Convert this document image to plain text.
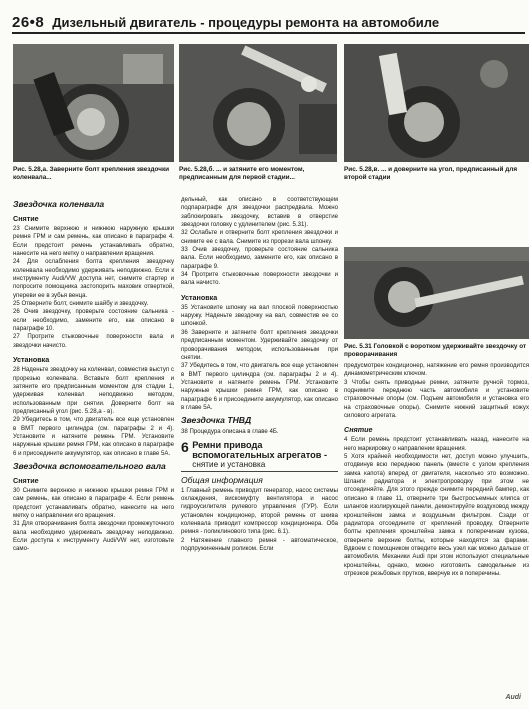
26•8 Дизельный двигатель - процедуры ремонта на автомобиле
Рис. 5.28,а. Заверните болт крепления звездочки коленвала...
Рис. 5.28,б. ... и затяните его моментом, предписанным для первой стадии...
Рис. 5.28,в. ... и доверните на угол, предписанный для второй стадии
Рис. 5.31 Головкой с воротком удерживайте звездочку от проворачивания
Звездочка коленвала
Снятие

23 Снимите верхнюю и нижнюю наружную крышки ремня ГРМ и сам ремень, как описано в параграфе 4. Если предстоит ремень устанавливать обратно, нанесите на него метку о направлении вращения.

24 Для ослабления болта крепления звездочку коленвала необходимо удерживать неподвижно. Если к инструменту Audi/VW доступа нет, снимите стартер и попросите помощника застопорить маховик отверткой, упереви ее в зубья венца.

25 Отверните болт, снимите шайбу и звездочку.

26 Очив звездочку, проверьте состояние сальника - если необходимо, замените его, как описано в параграфе 10.

27 Протрите стыковочные поверхности вала и звездочки начисто.

Установка

28 Наденьте звездочку на коленвал, совместив выступ с прорезью коленвала. Вставьте болт крепления и затяните его предписанным моментом для стадии 1, удерживая коленвал неподвижно методом, использованным при снятии. Доверните болт на предписанный угол (рис. 5.28,а - в).

29 Убедитесь в том, что двигатель все еще установлен в ВМТ первого цилиндра (см. параграфы 2 и 4). Установите и натяните ремень ГРМ. Установите наружные крышки ремня ГРМ, как описано в параграфе 6 и присоедините аккумулятор, как описано в главе 5А.

Звездочка вспомогательного вала
Снятие

30 Снимите верхнюю и нижнюю крышки ремня ГРМ и сам ремень, как описано в параграфе 4. Если ремень предстоит устанавливать обратно, нанесите на него метку о направлении его вращения.

31 Для отворачивания болта звездочки промежуточного вала необходимо удерживать звездочку неподвижно. Если доступа к инструменту Audi/VW нет, изготовьте само-

дельный, как описано в соответствующем подпараграфе для звездочки распредвала. Можно заблокировать звездочку, вставив в отверстие звездочки головку с удлинителем (рис. 5.31).

32 Ослабьте и отверните болт крепления звездочки и снимите ее с вала. Снимите из прорези вала шпонку.

33 Очив звездочку, проверьте состояние сальника вала. Если необходимо, замените его, как описано в параграфе 9.

34 Протрите стыковочные поверхности звездочки и вала начисто.

Установка

35 Установите шпонку на вал плоской поверхностью наружу. Наденьте звездочку на вал, совместив ее со шпонкой.

36 Заверните и затяните болт крепления звездочки предписанным моментом. Удерживайте звездочку от проворачивания методом, использованным при снятии.

37 Убедитесь в том, что двигатель все еще установлен в ВМТ первого цилиндра (см. параграфы 2 и 4). Установите и натяните ремень ГРМ. Установите наружные крышки ремня ГРМ, как описано в параграфе 6 и присоедините аккумулятор, как описано в главе 5А.

Звездочка ТНВД

38 Процедура описана в главе 4Б.

6 Ремни привода вспомогательных агрегатов -
снятие и установка
Общая информация

1 Главный ремень приводит генератор, насос системы охлаждения, вискомуфту вентилятора и насос гидроусилителя рулевого управления (ГУР). Если установлен кондиционер, второй ремень от шкива коленвала приводит компрессор кондиционера. Оба ремня - поликлинового типа (рис. 6.1).

2 Натяжение главного ремня - автоматическое, подпружиненным роликом. Если

предусмотрен кондиционер, натяжение его ремня производится динамометрическим ключом.

3 Чтобы снять приводные ремни, затяните ручной тормоз, поднимите переднюю часть автомобиля и установите страховочные опоры (см. Подъем автомобиля и установка его на страховочные опоры). Снимите нижний защитный кожух силового агрегата.

Снятие

4 Если ремень предстоит устанавливать назад, нанесите на него маркировку о направлении вращения.

5 Хотя крайней необходимости нет, доступ можно улучшить, отодвинув всю переднюю панель (вместе с узлом крепления замка капота) вперед от двигателя, насколько это возможно. Шланги радиатора и электропроводку при этом не отсоединяйте. Для этого прежде снимите передний бампер, как описано в главе 11, отверните три быстросъемных клипса от шлангов изолирующей панели, демонтируйте воздуховод между кронштейном замка и воздушным фильтром. Сзади от радиатора отсоедините от креплений проводку. Отверните болты крепления кронштейна замка к поперечинам кузова, отверните верхние болты, которые находятся за фарами. Вдвоем с помощником отведите весь узел как можно дальше от автомобиля. Механики Audi при этом используют специальные кронштейны, однако, можно изготовить самодельные из отрезков резьбовых прутков, вверчув их в поперечины.

Audi
